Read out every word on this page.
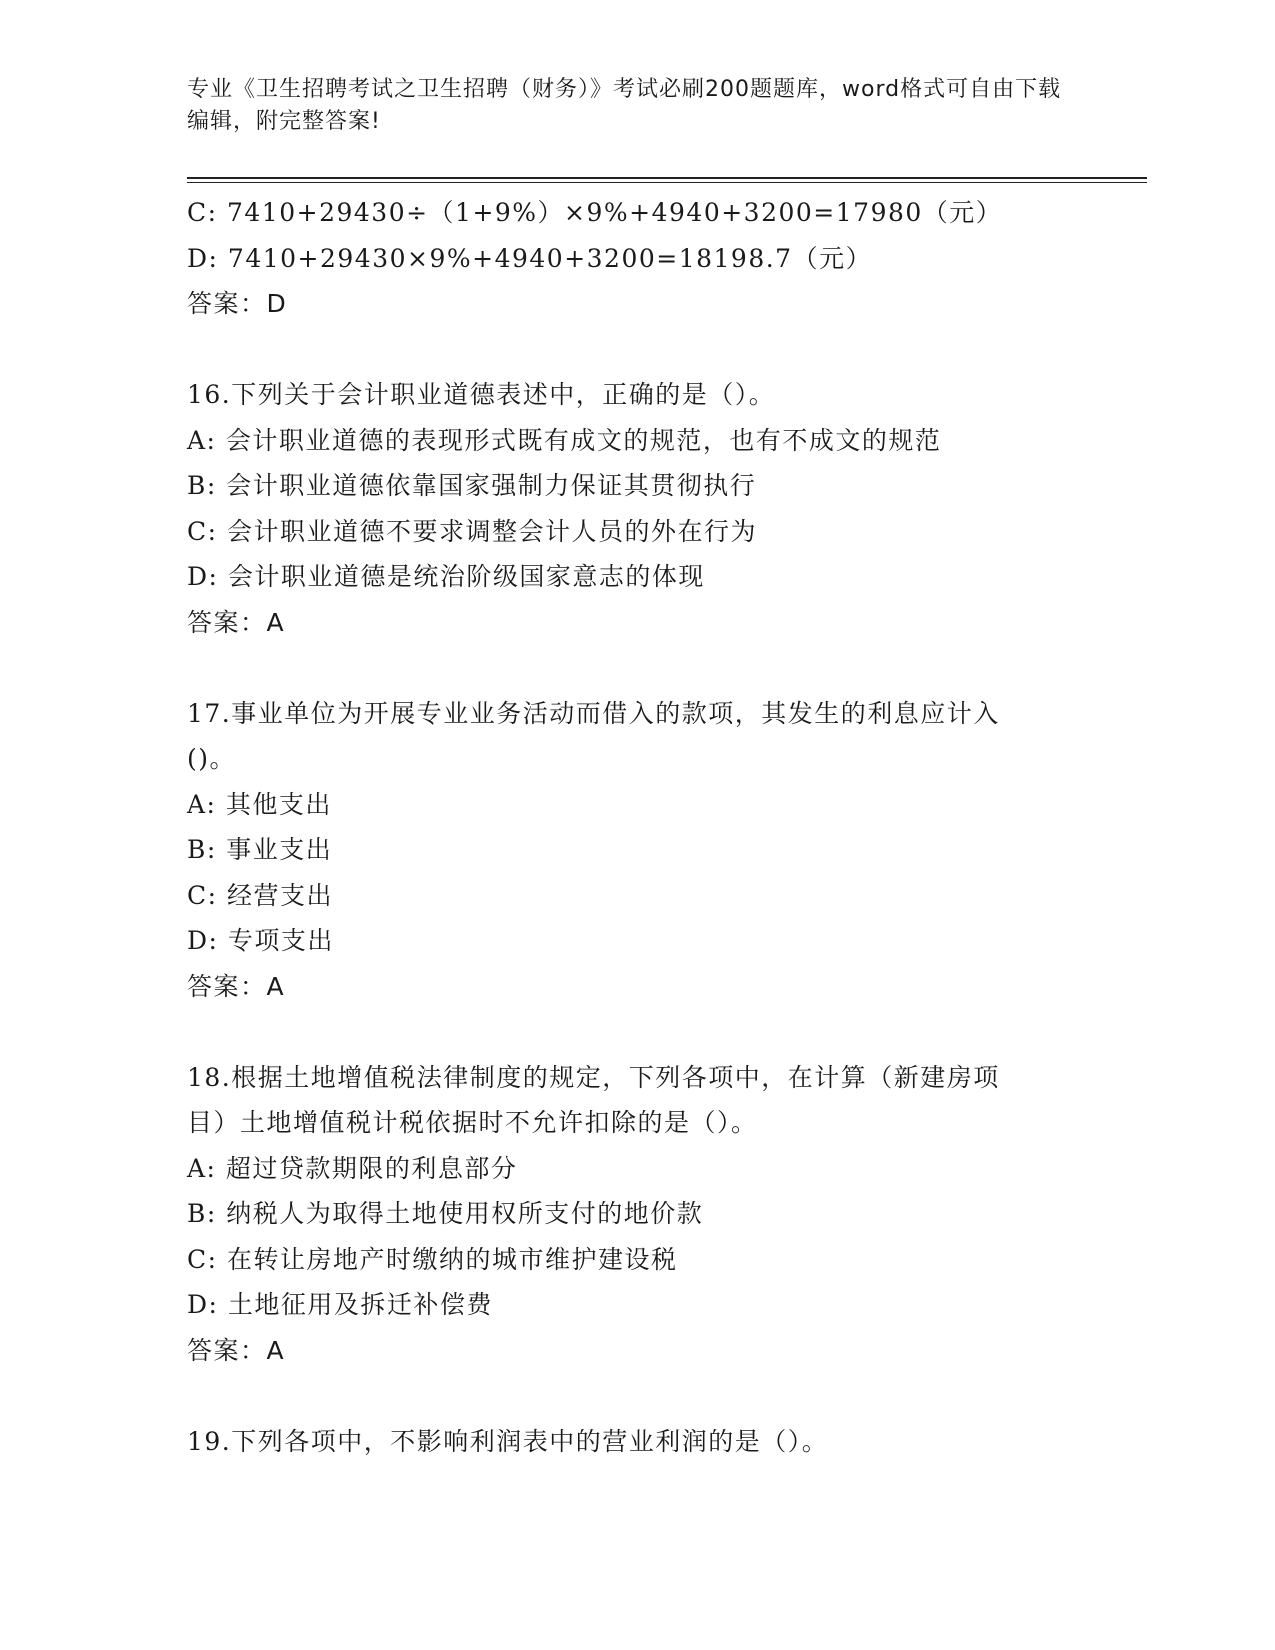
专业《卫生招聘考试之卫生招聘（财务）》考试必刷200题题库，word格式可自由下载编辑，附完整答案!
C: 7410+29430÷（1+9%）×9%+4940+3200=17980（元）
D: 7410+29430×9%+4940+3200=18198.7（元）
答案：D
16.下列关于会计职业道德表述中，正确的是（）。
A: 会计职业道德的表现形式既有成文的规范，也有不成文的规范
B: 会计职业道德依靠国家强制力保证其贯彻执行
C: 会计职业道德不要求调整会计人员的外在行为
D: 会计职业道德是统治阶级国家意志的体现
答案：A
17.事业单位为开展专业业务活动而借入的款项，其发生的利息应计入
()。
A: 其他支出
B: 事业支出
C: 经营支出
D: 专项支出
答案：A
18.根据土地增值税法律制度的规定，下列各项中，在计算（新建房项
目）土地增值税计税依据时不允许扣除的是（）。
A: 超过贷款期限的利息部分
B: 纳税人为取得土地使用权所支付的地价款
C: 在转让房地产时缴纳的城市维护建设税
D: 土地征用及拆迁补偿费
答案：A
19.下列各项中，不影响利润表中的营业利润的是（）。
